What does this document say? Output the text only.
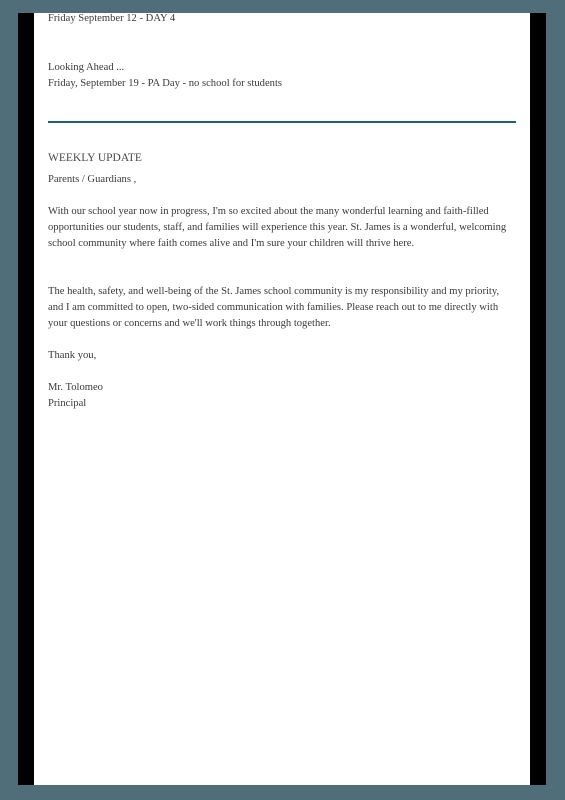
Friday September 12 - DAY 4
Looking Ahead ...
Friday, September 19 - PA Day - no school for students
WEEKLY UPDATE
Parents / Guardians ,
With our school year now in progress, I'm so excited about the many wonderful learning and faith-filled opportunities our students, staff, and families will experience this year. St. James is a wonderful, welcoming school community where faith comes alive and I'm sure your children will thrive here.
The health, safety, and well-being of the St. James school community is my responsibility and my priority, and I am committed to open, two-sided communication with families. Please reach out to me directly with your questions or concerns and we'll work things through together.
Thank you,
Mr. Tolomeo
Principal
